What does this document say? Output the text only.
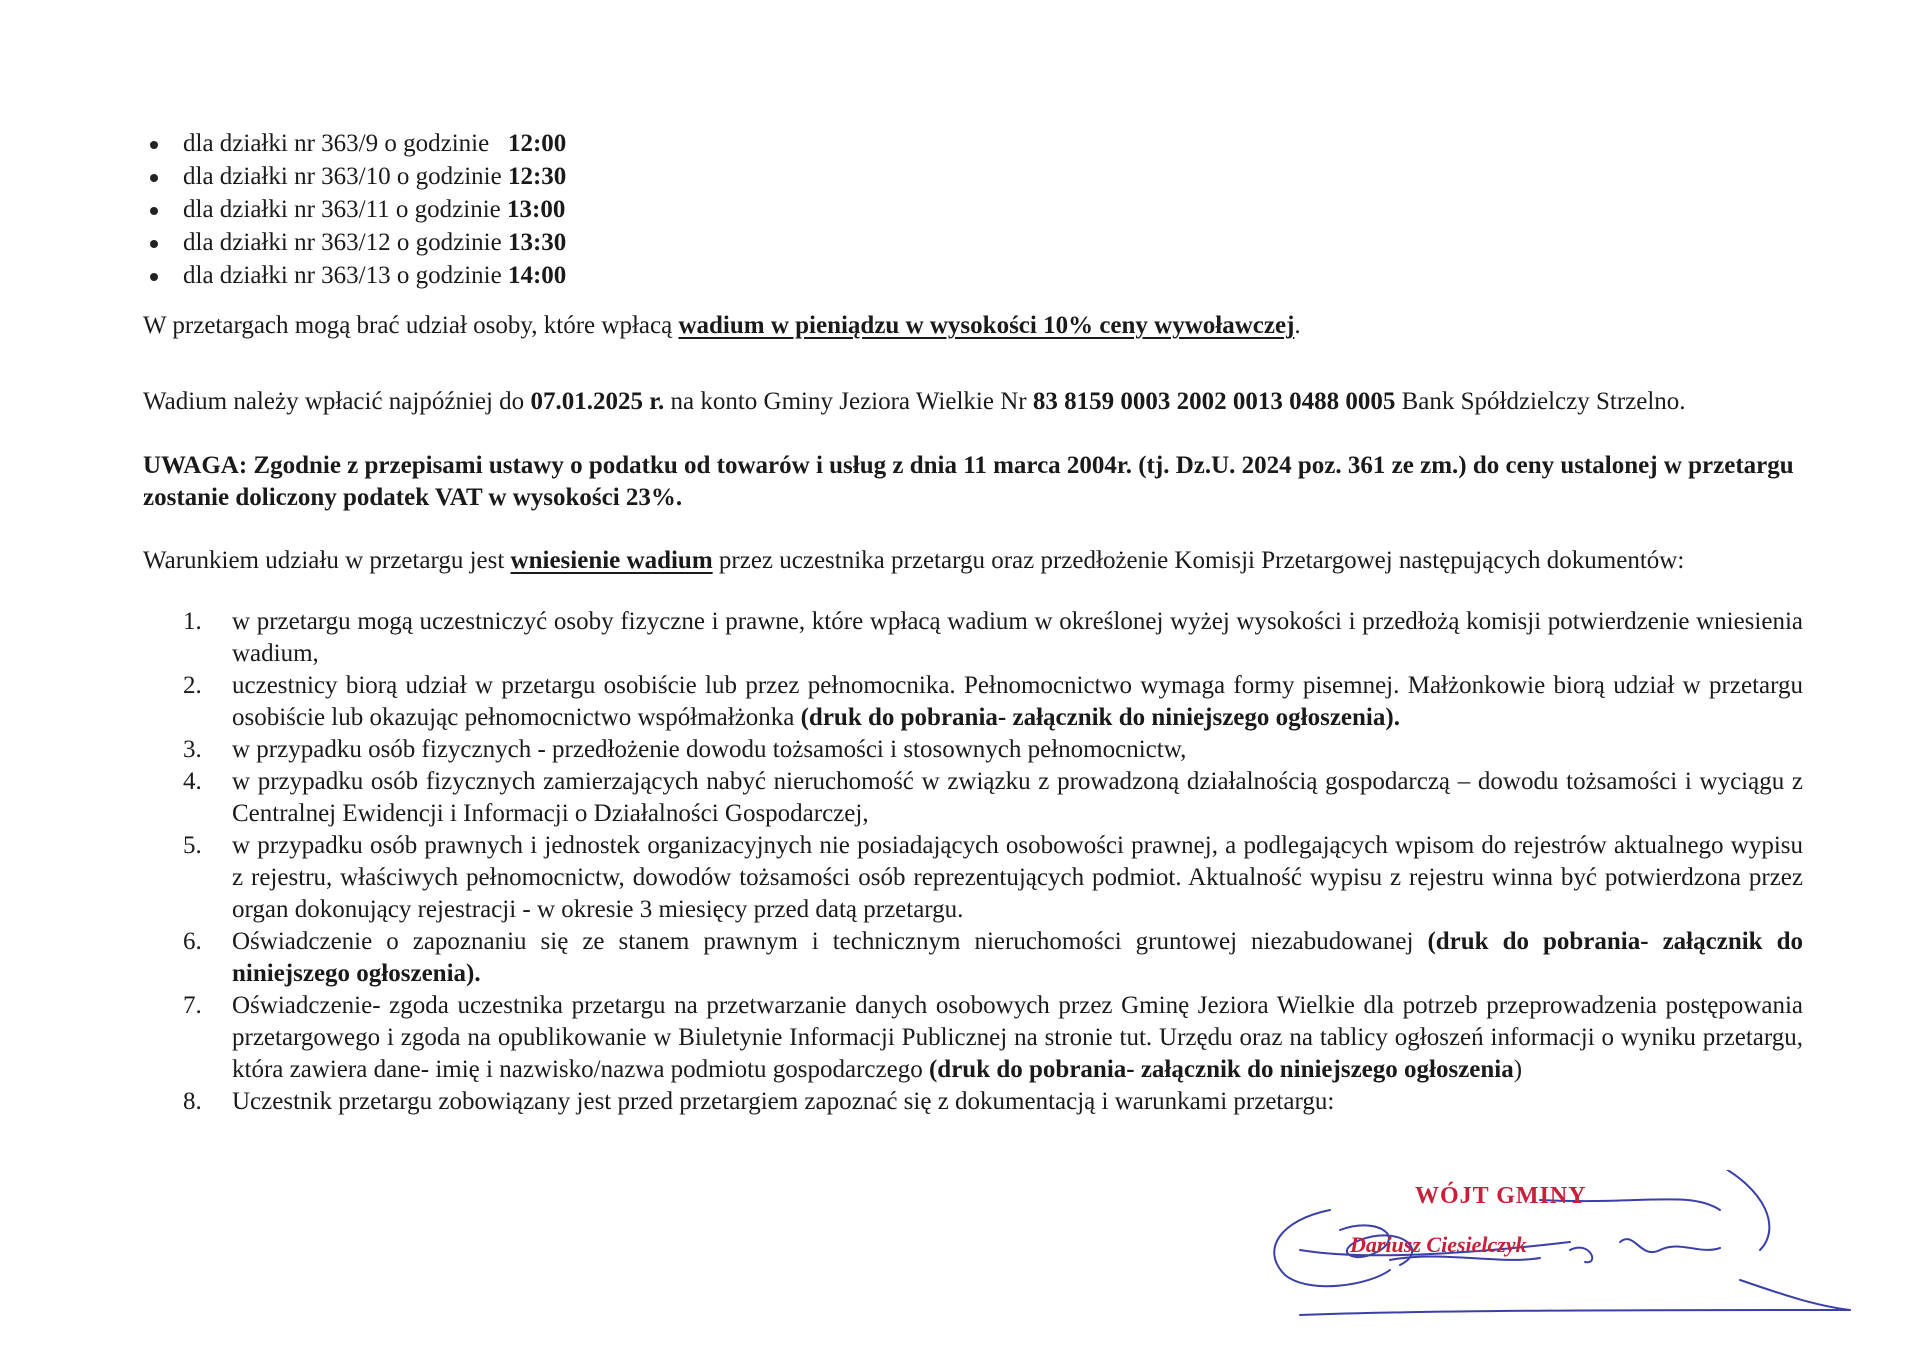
dla działki nr 363/9 o godzinie 12:00
dla działki nr 363/10 o godzinie 12:30
dla działki nr 363/11 o godzinie 13:00
dla działki nr 363/12 o godzinie 13:30
dla działki nr 363/13 o godzinie 14:00

W przetargach mogą brać udział osoby, które wpłacą wadium w pieniądzu w wysokości 10% ceny wywoławczej.

Wadium należy wpłacić najpóźniej do 07.01.2025 r. na konto Gminy Jeziora Wielkie Nr 83 8159 0003 2002 0013 0488 0005 Bank Spółdzielczy Strzelno.

UWAGA: Zgodnie z przepisami ustawy o podatku od towarów i usług z dnia 11 marca 2004r. (tj. Dz.U. 2024 poz. 361 ze zm.) do ceny ustalonej w przetargu zostanie doliczony podatek VAT w wysokości 23%.

Warunkiem udziału w przetargu jest wniesienie wadium przez uczestnika przetargu oraz przedłożenie Komisji Przetargowej następujących dokumentów:

1. w przetargu mogą uczestniczyć osoby fizyczne i prawne, które wpłacą wadium w określonej wyżej wysokości i przedłożą komisji potwierdzenie wniesienia wadium,
2. uczestnicy biorą udział w przetargu osobiście lub przez pełnomocnika. Pełnomocnictwo wymaga formy pisemnej. Małżonkowie biorą udział w przetargu osobiście lub okazując pełnomocnictwo współmałżonka (druk do pobrania- załącznik do niniejszego ogłoszenia).
3. w przypadku osób fizycznych - przedłożenie dowodu tożsamości i stosownych pełnomocnictw,
4. w przypadku osób fizycznych zamierzających nabyć nieruchomość w związku z prowadzoną działalnością gospodarczą – dowodu tożsamości i wyciągu z Centralnej Ewidencji i Informacji o Działalności Gospodarczej,
5. w przypadku osób prawnych i jednostek organizacyjnych nie posiadających osobowości prawnej, a podlegających wpisom do rejestrów aktualnego wypisu z rejestru, właściwych pełnomocnictw, dowodów tożsamości osób reprezentujących podmiot. Aktualność wypisu z rejestru winna być potwierdzona przez organ dokonujący rejestracji - w okresie 3 miesięcy przed datą przetargu.
6. Oświadczenie o zapoznaniu się ze stanem prawnym i technicznym nieruchomości gruntowej niezabudowanej (druk do pobrania- załącznik do niniejszego ogłoszenia).
7. Oświadczenie- zgoda uczestnika przetargu na przetwarzanie danych osobowych przez Gminę Jeziora Wielkie dla potrzeb przeprowadzenia postępowania przetargowego i zgoda na opublikowanie w Biuletynie Informacji Publicznej na stronie tut. Urzędu oraz na tablicy ogłoszeń informacji o wyniku przetargu, która zawiera dane- imię i nazwisko/nazwa podmiotu gospodarczego (druk do pobrania- załącznik do niniejszego ogłoszenia)
8. Uczestnik przetargu zobowiązany jest przed przetargiem zapoznać się z dokumentacją i warunkami przetargu:
WÓJT GMINY
Dariusz Ciesielczyk
